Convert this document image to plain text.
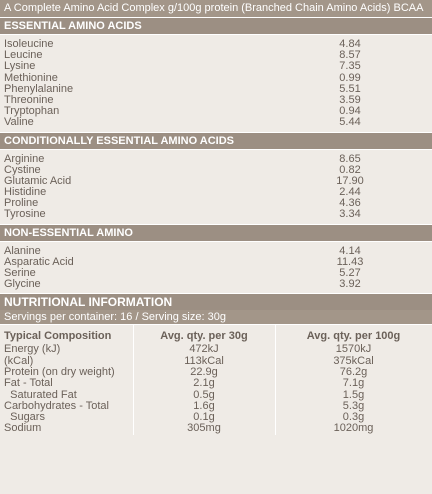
A Complete Amino Acid Complex g/100g protein (Branched Chain Amino Acids) BCAA
ESSENTIAL AMINO ACIDS
Isoleucine	4.84
Leucine	8.57
Lysine	7.35
Methionine	0.99
Phenylalanine	5.51
Threonine	3.59
Tryptophan	0.94
Valine	5.44
CONDITIONALLY ESSENTIAL AMINO ACIDS
Arginine	8.65
Cystine	0.82
Glutamic Acid	17.90
Histidine	2.44
Proline	4.36
Tyrosine	3.34
NON-ESSENTIAL AMINO
Alanine	4.14
Asparatic Acid	11.43
Serine	5.27
Glycine	3.92
NUTRITIONAL INFORMATION
Servings per container: 16 / Serving size: 30g
Typical Composition	Avg. qty. per 30g	Avg. qty. per 100g
Energy (kJ)	472kJ	1570kJ
(kCal)	113kCal	375kCal
Protein (on dry weight)	22.9g	76.2g
Fat - Total	2.1g	7.1g
Saturated Fat	0.5g	1.5g
Carbohydrates - Total	1.6g	5.3g
Sugars	0.1g	0.3g
Sodium	305mg	1020mg
